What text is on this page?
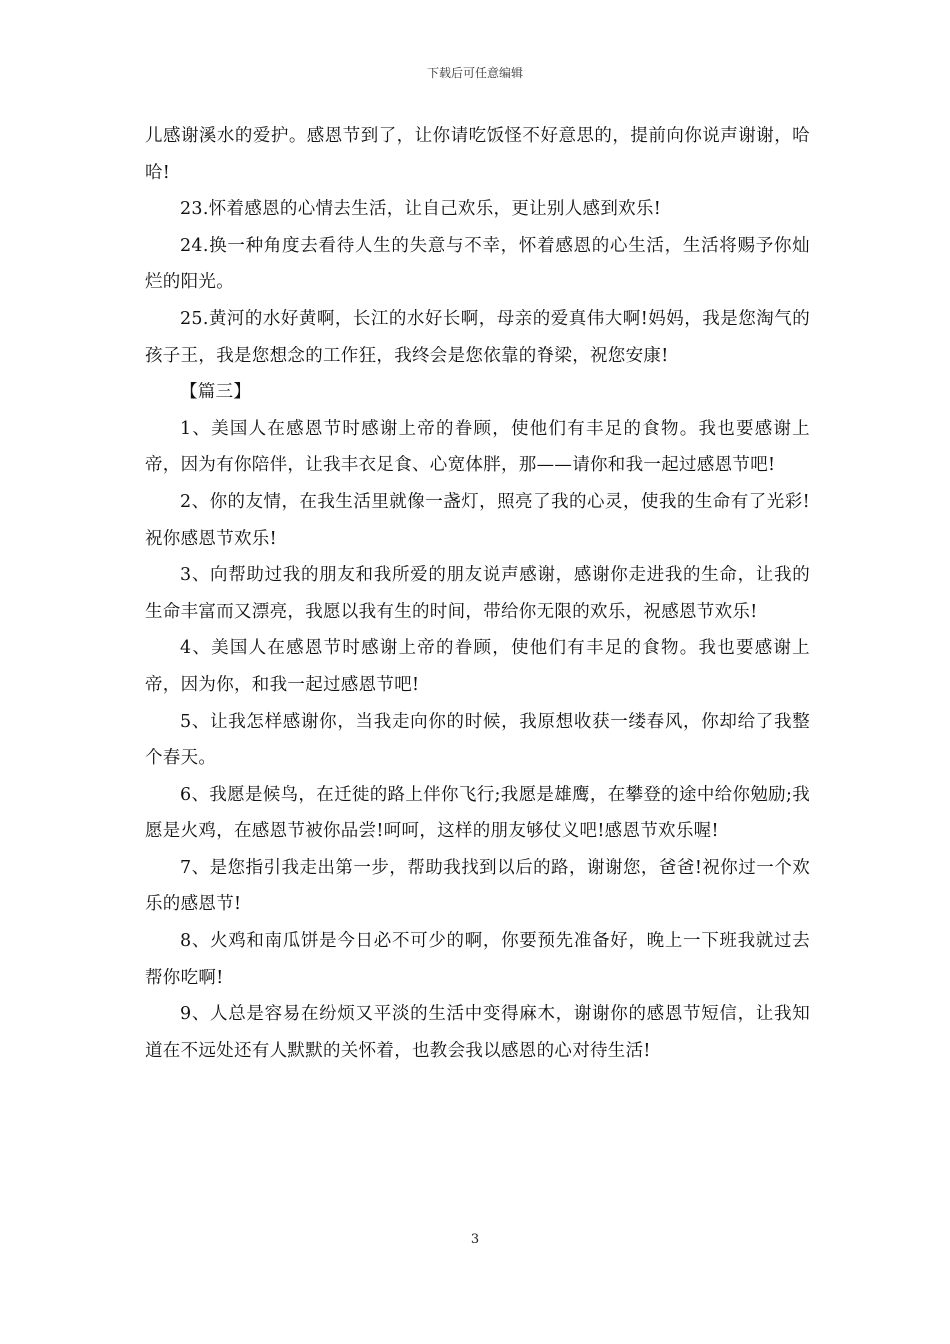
下载后可任意编辑

儿感谢溪水的爱护。感恩节到了，让你请吃饭怪不好意思的，提前向你说声谢谢，哈哈!

23.怀着感恩的心情去生活，让自己欢乐，更让别人感到欢乐!

24.换一种角度去看待人生的失意与不幸，怀着感恩的心生活，生活将赐予你灿烂的阳光。

25.黄河的水好黄啊，长江的水好长啊，母亲的爱真伟大啊!妈妈，我是您淘气的孩子王，我是您想念的工作狂，我终会是您依靠的脊梁，祝您安康!

【篇三】

1、美国人在感恩节时感谢上帝的眷顾，使他们有丰足的食物。我也要感谢上帝，因为有你陪伴，让我丰衣足食、心宽体胖，那——请你和我一起过感恩节吧!

2、你的友情，在我生活里就像一盏灯，照亮了我的心灵，使我的生命有了光彩!祝你感恩节欢乐!

3、向帮助过我的朋友和我所爱的朋友说声感谢，感谢你走进我的生命，让我的生命丰富而又漂亮，我愿以我有生的时间，带给你无限的欢乐，祝感恩节欢乐!

4、美国人在感恩节时感谢上帝的眷顾，使他们有丰足的食物。我也要感谢上帝，因为你，和我一起过感恩节吧!

5、让我怎样感谢你，当我走向你的时候，我原想收获一缕春风，你却给了我整个春天。

6、我愿是候鸟，在迁徙的路上伴你飞行;我愿是雄鹰，在攀登的途中给你勉励;我愿是火鸡，在感恩节被你品尝!呵呵，这样的朋友够仗义吧!感恩节欢乐喔!

7、是您指引我走出第一步，帮助我找到以后的路，谢谢您，爸爸!祝你过一个欢乐的感恩节!

8、火鸡和南瓜饼是今日必不可少的啊，你要预先准备好，晚上一下班我就过去帮你吃啊!

9、人总是容易在纷烦又平淡的生活中变得麻木，谢谢你的感恩节短信，让我知道在不远处还有人默默的关怀着，也教会我以感恩的心对待生活!

3
